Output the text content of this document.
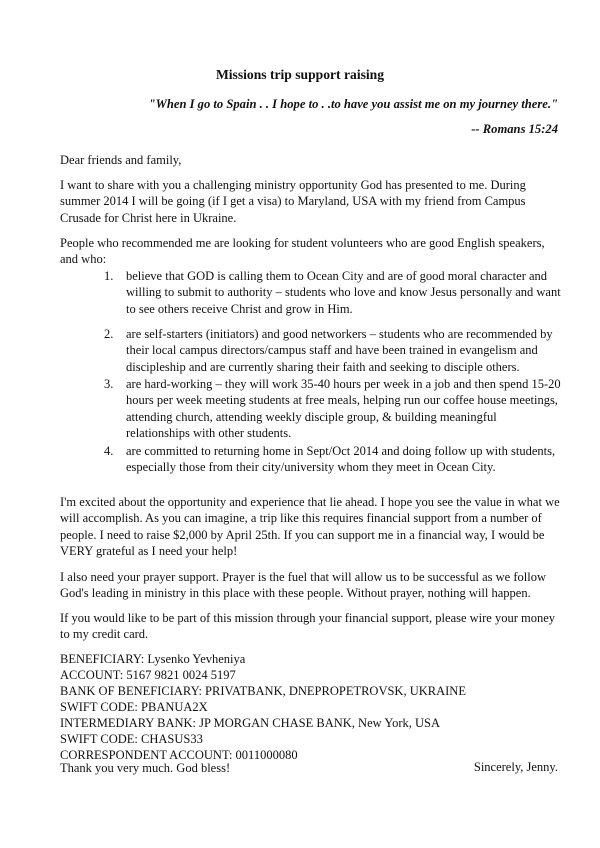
Missions trip support raising
"When I go to Spain . . I hope to . .to have you assist me on my journey there."
-- Romans 15:24

Dear friends and family,

I want to share with you a challenging ministry opportunity God has presented to me. During summer 2014 I will be going (if I get a visa) to Maryland, USA with my friend from Campus Crusade for Christ here in Ukraine.

People who recommended me are looking for student volunteers who are good English speakers, and who:

1. believe that GOD is calling them to Ocean City and are of good moral character and willing to submit to authority – students who love and know Jesus personally and want to see others receive Christ and grow in Him.
2. are self-starters (initiators) and good networkers – students who are recommended by their local campus directors/campus staff and have been trained in evangelism and discipleship and are currently sharing their faith and seeking to disciple others.
3. are hard-working – they will work 35-40 hours per week in a job and then spend 15-20 hours per week meeting students at free meals, helping run our coffee house meetings, attending church, attending weekly disciple group, & building meaningful relationships with other students.
4. are committed to returning home in Sept/Oct 2014 and doing follow up with students, especially those from their city/university whom they meet in Ocean City.

I'm excited about the opportunity and experience that lie ahead. I hope you see the value in what we will accomplish. As you can imagine, a trip like this requires financial support from a number of people. I need to raise $2,000 by April 25th. If you can support me in a financial way, I would be VERY grateful as I need your help!

I also need your prayer support. Prayer is the fuel that will allow us to be successful as we follow God's leading in ministry in this place with these people. Without prayer, nothing will happen.

If you would like to be part of this mission through your financial support, please wire your money to my credit card.

BENEFICIARY: Lysenko Yevheniya
ACCOUNT: 5167 9821 0024 5197
BANK OF BENEFICIARY: PRIVATBANK, DNEPROPETROVSK, UKRAINE
SWIFT CODE: PBANUA2X
INTERMEDIARY BANK: JP MORGAN CHASE BANK, New York, USA
SWIFT CODE: CHASUS33
CORRESPONDENT ACCOUNT: 0011000080
Thank you very much. God bless!	Sincerely, Jenny.
